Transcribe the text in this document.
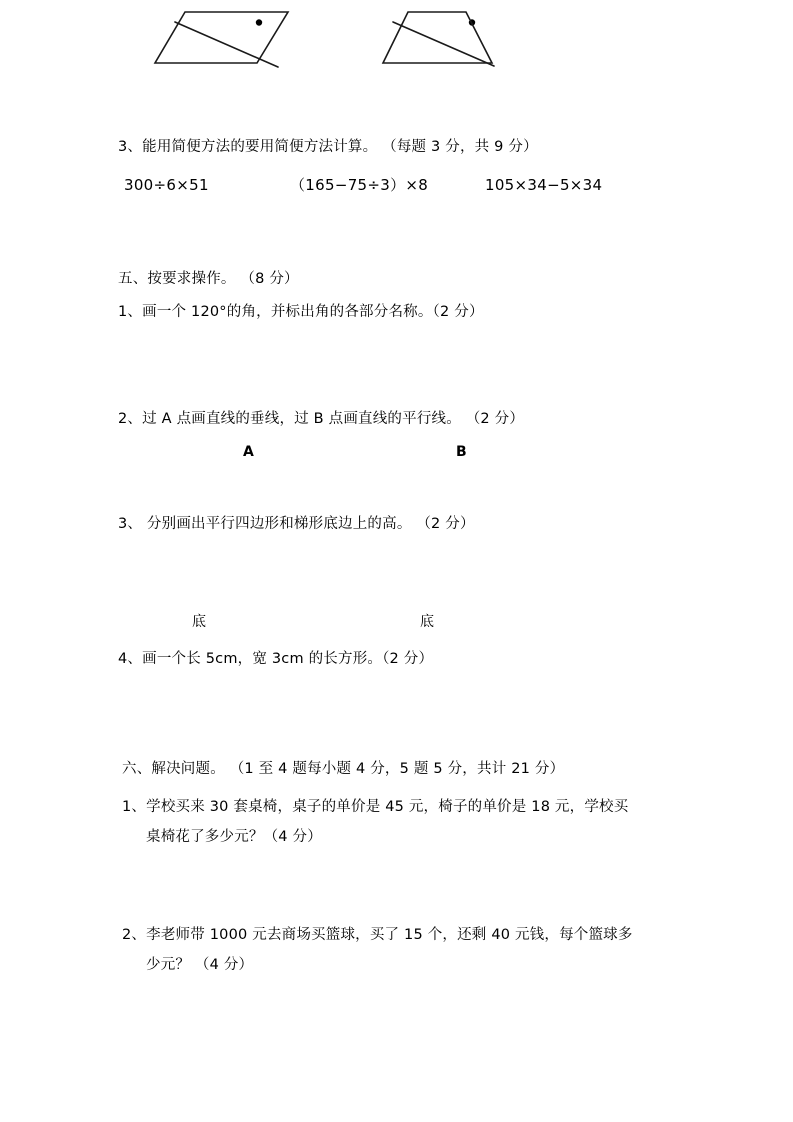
3、能用简便方法的要用简便方法计算。 （每题 3 分，共 9 分）
300÷6×51	（165−75÷3）×8	105×34−5×34
五、按要求操作。 （8 分）
1、画一个 120°的角，并标出角的各部分名称。（2 分）
2、过 A 点画直线的垂线，过 B 点画直线的平行线。 （2 分）
A	B
3、 分别画出平行四边形和梯形底边上的高。 （2 分）
底	底
4、画一个长 5cm，宽 3cm 的长方形。（2 分）
六、解决问题。 （1 至 4 题每小题 4 分，5 题 5 分，共计 21 分）
1、学校买来 30 套桌椅，桌子的单价是 45 元，椅子的单价是 18 元，学校买
桌椅花了多少元？（4 分）
2、李老师带 1000 元去商场买篮球，买了 15 个，还剩 40 元钱，每个篮球多
少元？ （4 分）
